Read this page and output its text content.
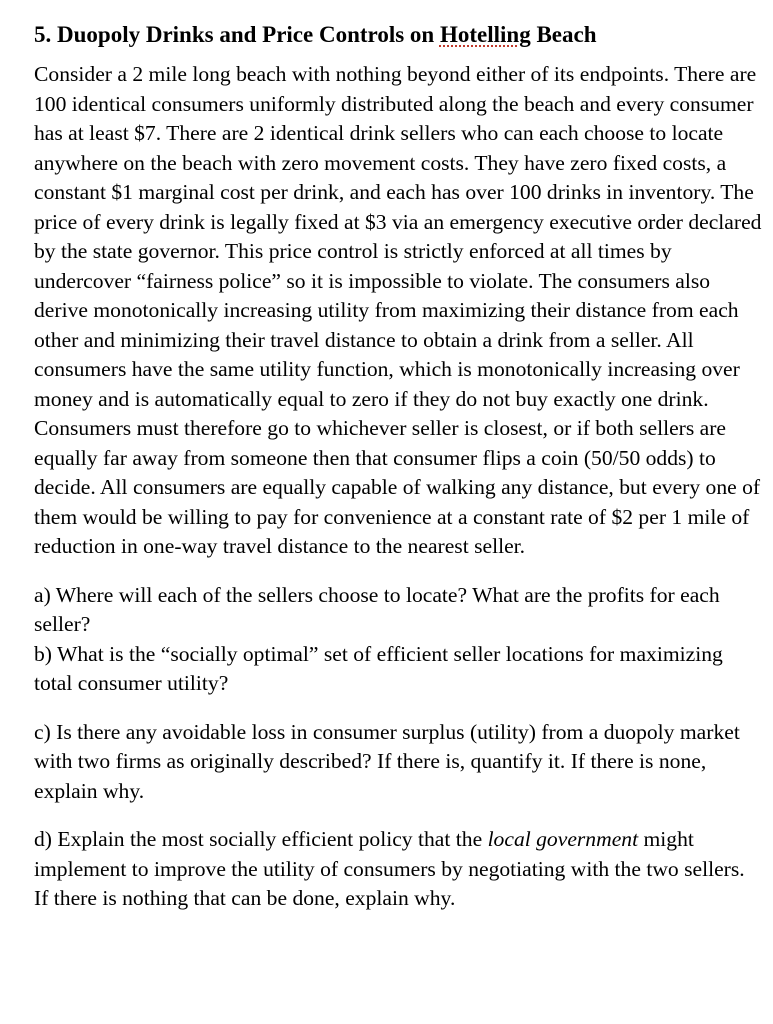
5. Duopoly Drinks and Price Controls on Hotelling Beach

Consider a 2 mile long beach with nothing beyond either of its endpoints. There are 100 identical consumers uniformly distributed along the beach and every consumer has at least $7. There are 2 identical drink sellers who can each choose to locate anywhere on the beach with zero movement costs. They have zero fixed costs, a constant $1 marginal cost per drink, and each has over 100 drinks in inventory. The price of every drink is legally fixed at $3 via an emergency executive order declared by the state governor. This price control is strictly enforced at all times by undercover “fairness police” so it is impossible to violate. The consumers also derive monotonically increasing utility from maximizing their distance from each other and minimizing their travel distance to obtain a drink from a seller. All consumers have the same utility function, which is monotonically increasing over money and is automatically equal to zero if they do not buy exactly one drink. Consumers must therefore go to whichever seller is closest, or if both sellers are equally far away from someone then that consumer flips a coin (50/50 odds) to decide. All consumers are equally capable of walking any distance, but every one of them would be willing to pay for convenience at a constant rate of $2 per 1 mile of reduction in one-way travel distance to the nearest seller.

a) Where will each of the sellers choose to locate? What are the profits for each seller?

b) What is the “socially optimal” set of efficient seller locations for maximizing total consumer utility?

c) Is there any avoidable loss in consumer surplus (utility) from a duopoly market with two firms as originally described? If there is, quantify it. If there is none, explain why.

d) Explain the most socially efficient policy that the local government might implement to improve the utility of consumers by negotiating with the two sellers. If there is nothing that can be done, explain why.
